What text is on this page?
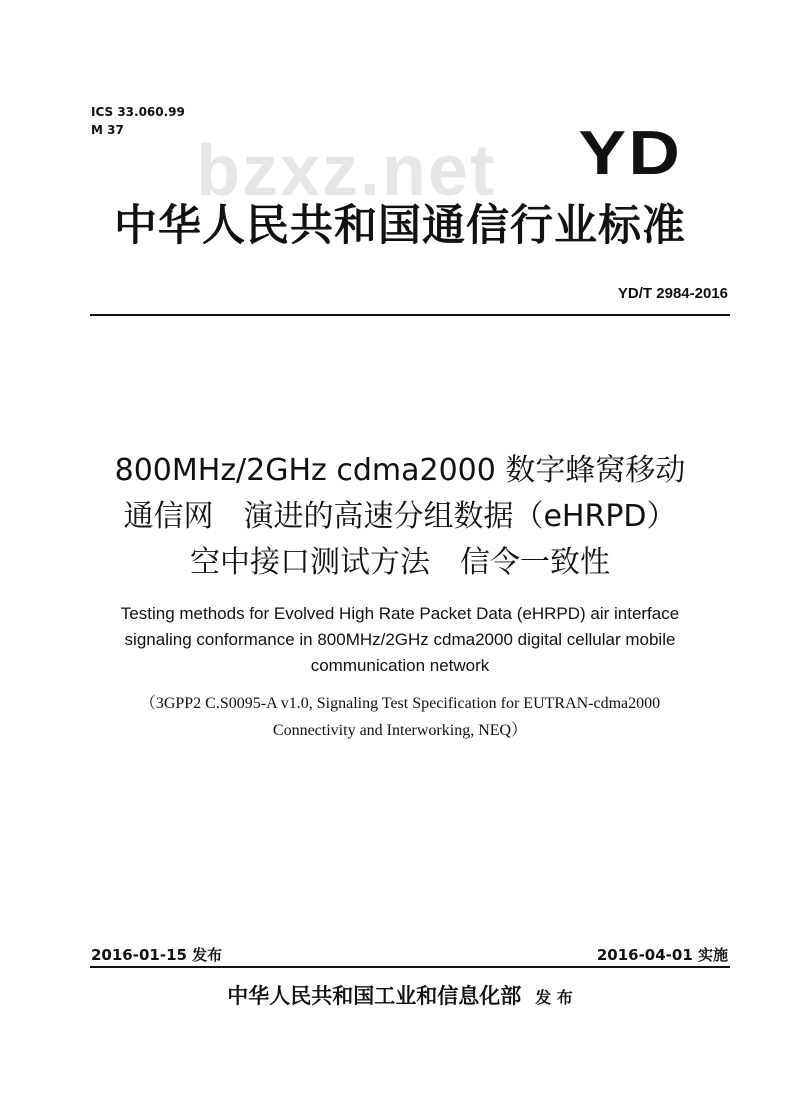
ICS 33.060.99
M 37
bzxz.net YD
中华人民共和国通信行业标准
YD/T 2984-2016
800MHz/2GHz cdma2000 数字蜂窝移动
通信网　演进的高速分组数据（eHRPD）
空中接口测试方法　信令一致性
Testing methods for Evolved High Rate Packet Data (eHRPD) air interface
signaling conformance in 800MHz/2GHz cdma2000 digital cellular mobile
communication network
（3GPP2 C.S0095-A v1.0, Signaling Test Specification for EUTRAN-cdma2000
Connectivity and Interworking, NEQ）
2016-01-15 发布	2016-04-01 实施
中华人民共和国工业和信息化部 发 布
